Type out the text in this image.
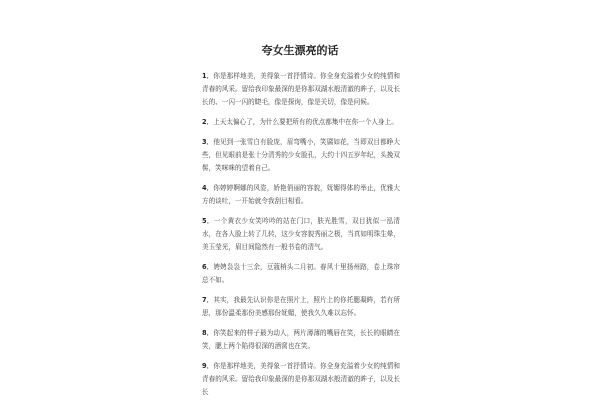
夸女生漂亮的话
1．你是那样地美，美得象一首抒情诗。你全身充溢着少女的纯情和青春的风采。留给我印象最深的是你那双湖水般清澈的眸子，以及长长的、一闪一闪的睫毛，像是探询，像是关切，像是问候。
2．上天太偏心了，为什么要把所有的优点都集中在你一个人身上。
3．他见到一张雪白有脸庞，眉弯嘴小，笑靥如花，当即双目都睁大些，但见眼前是张十分清秀的少女脸孔，大约十四五岁年纪，头挽双髻，笑咪咪的望着自己。
4．你婷婷婀娜的风姿，娇艳俏丽的容貌，妩媚得体的举止，优雅大方的谈吐，一开始就令我刮目相看。
5．一个黄衣少女笑吟吟的站在门口，肤光胜雪，双目犹似一泓清水，在各人脸上转了几转，这少女容貌秀丽之极，当真如明珠生晕，美玉莹光，眉目间隐然有一般书卷的清气。
6．娉娉袅袅十三余，豆蔻梢头二月初。春风十里扬州路，卷上珠帘总不如。
7．其实，我最先认识你是在照片上，照片上的你托腮凝眸，若有所思，那份温柔那份美感那份妩媚，使我久久难以忘怀。
8．你笑起来的样子最为动人，两片薄薄的嘴唇在笑，长长的眼睛在笑，腮上两个陷得很深的酒窝也在笑。
9．你是那样地美，美得象一首抒情诗。你全身充溢着少女的纯情和青春的风采。留给我印象最深的是你那双湖水般清澈的眸子，以及长长
